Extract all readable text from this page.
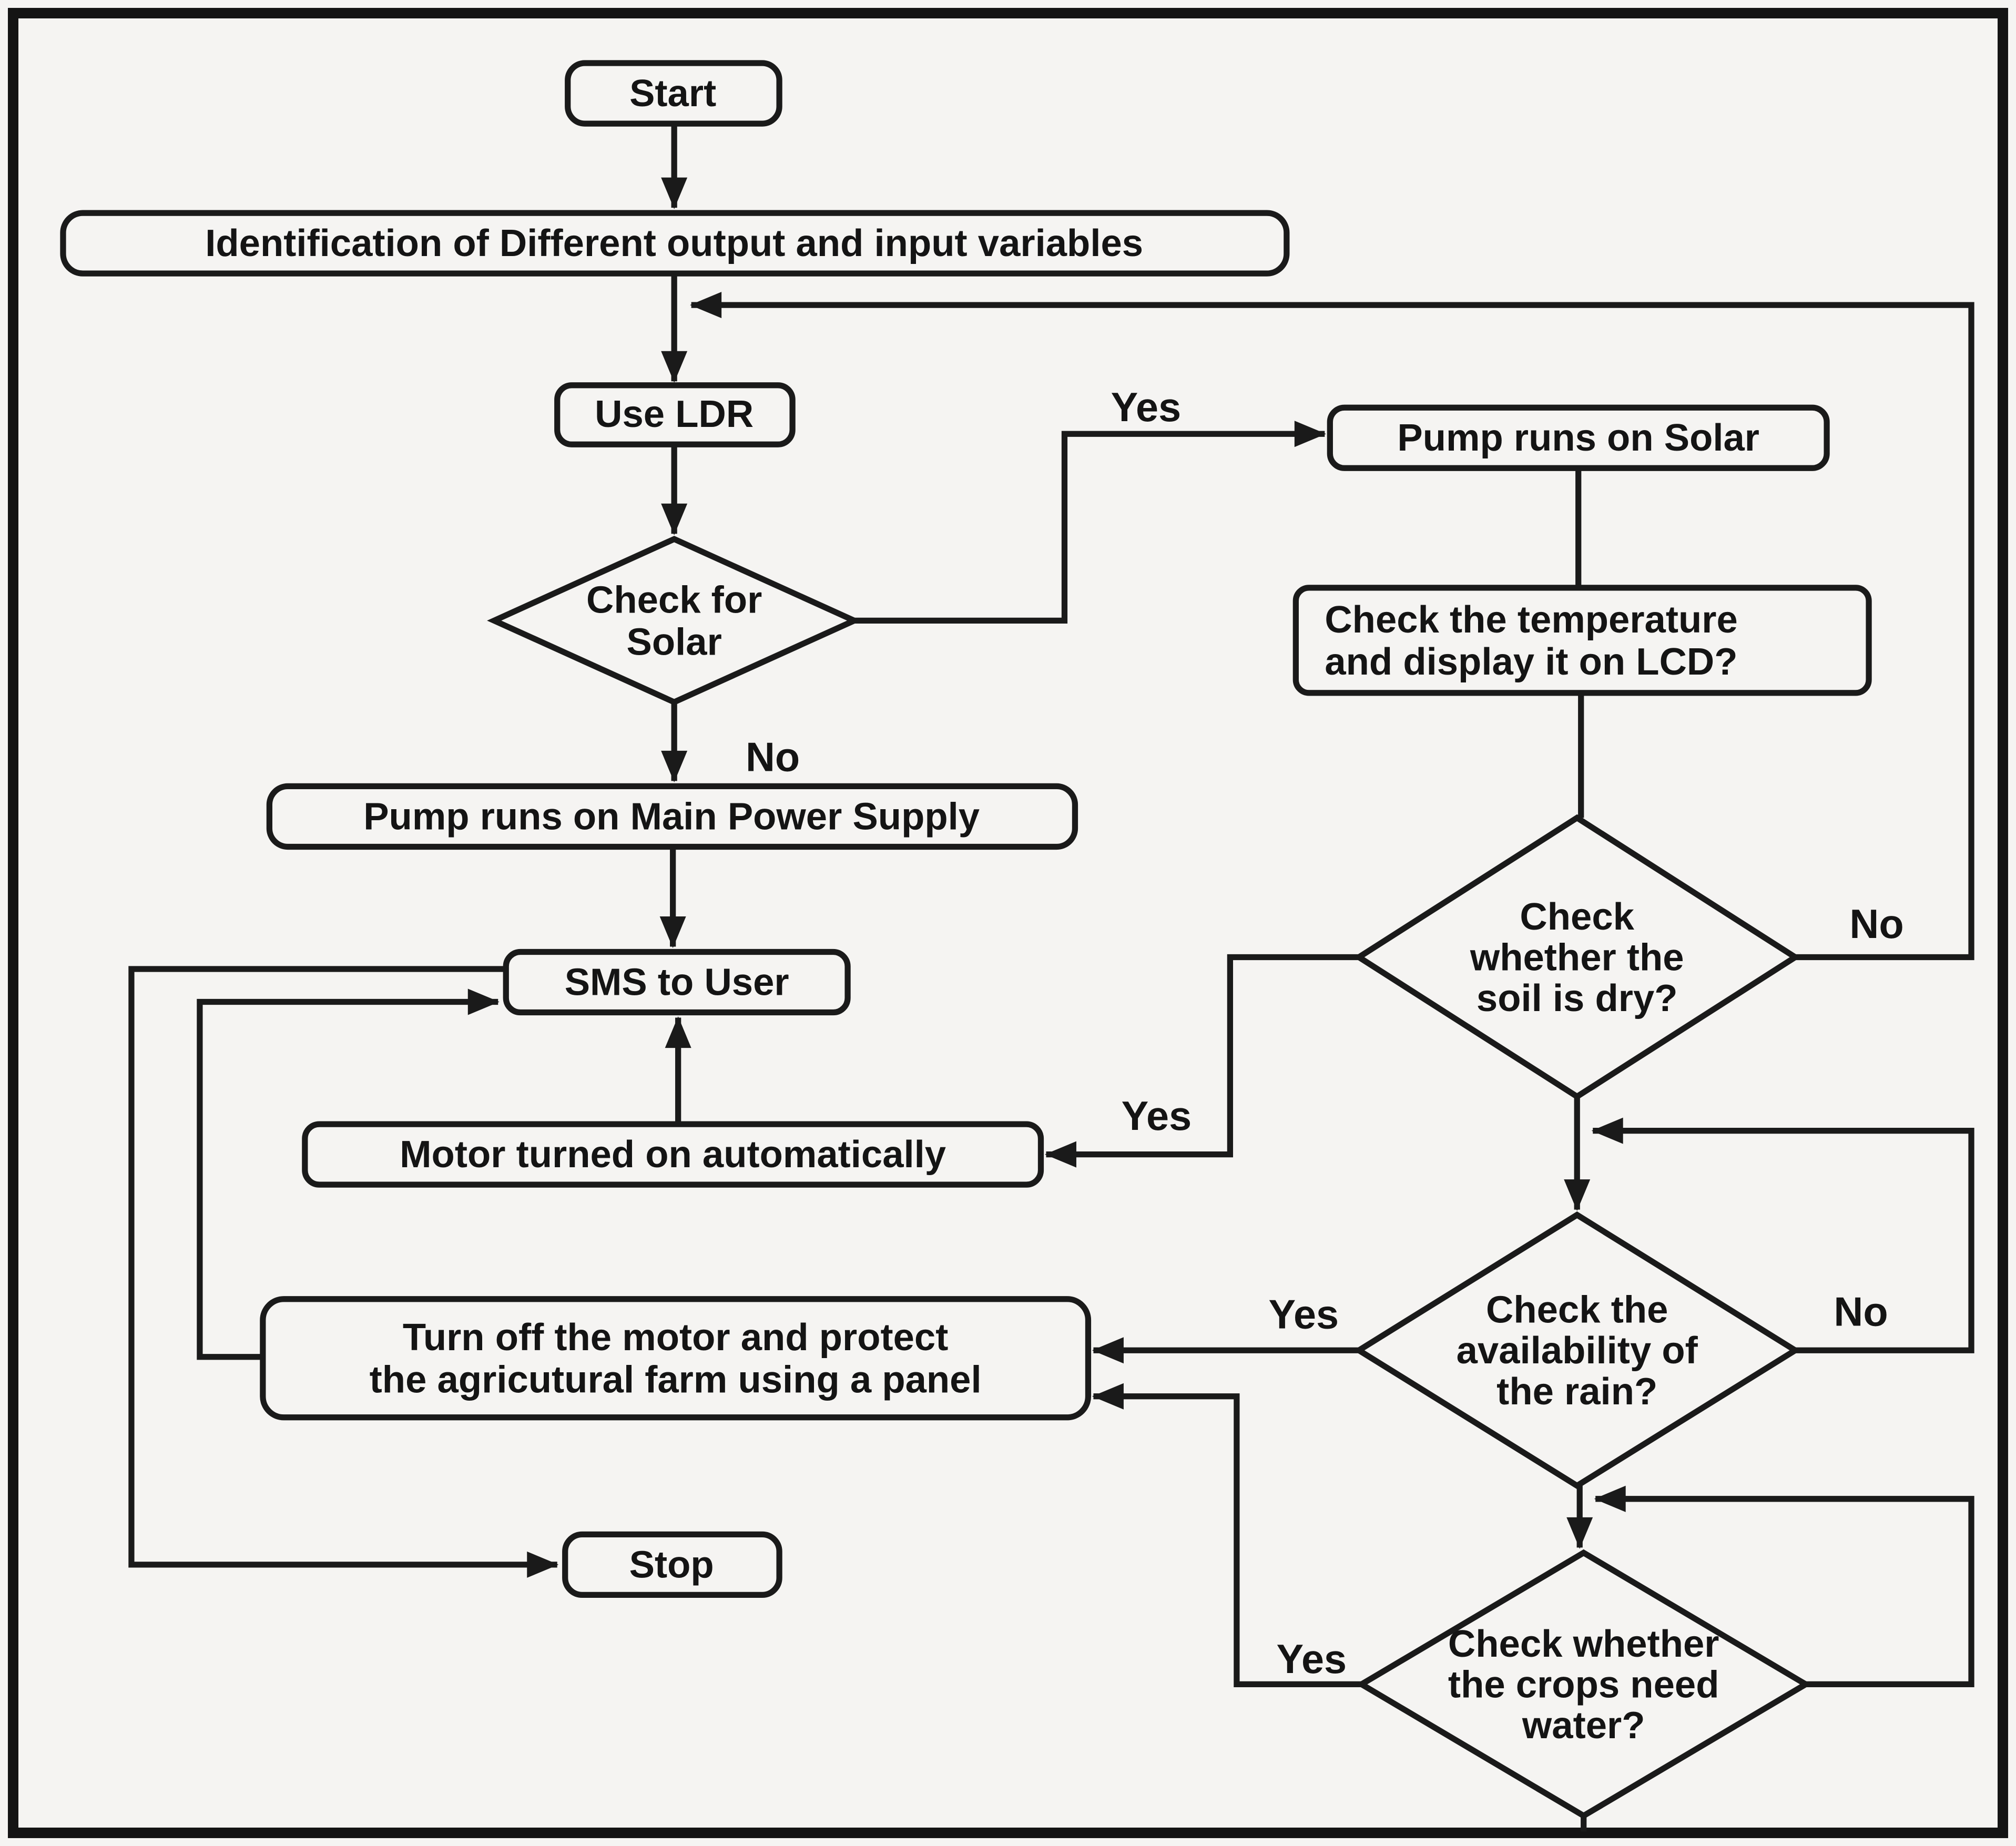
Yes
No
No
Yes
Yes	No
Yes
Start
Identification of Different output and input variables
Use LDR
Check for Solar
Pump runs on Solar
Check the temperature and display it on LCD?
Pump runs on Main Power Supply
SMS to User
Check whether the soil is dry?
Motor turned on automatically
Check the availability of the rain?
Turn off the motor and protect the agricutural farm using a panel
Check whether the crops need water?
Stop
